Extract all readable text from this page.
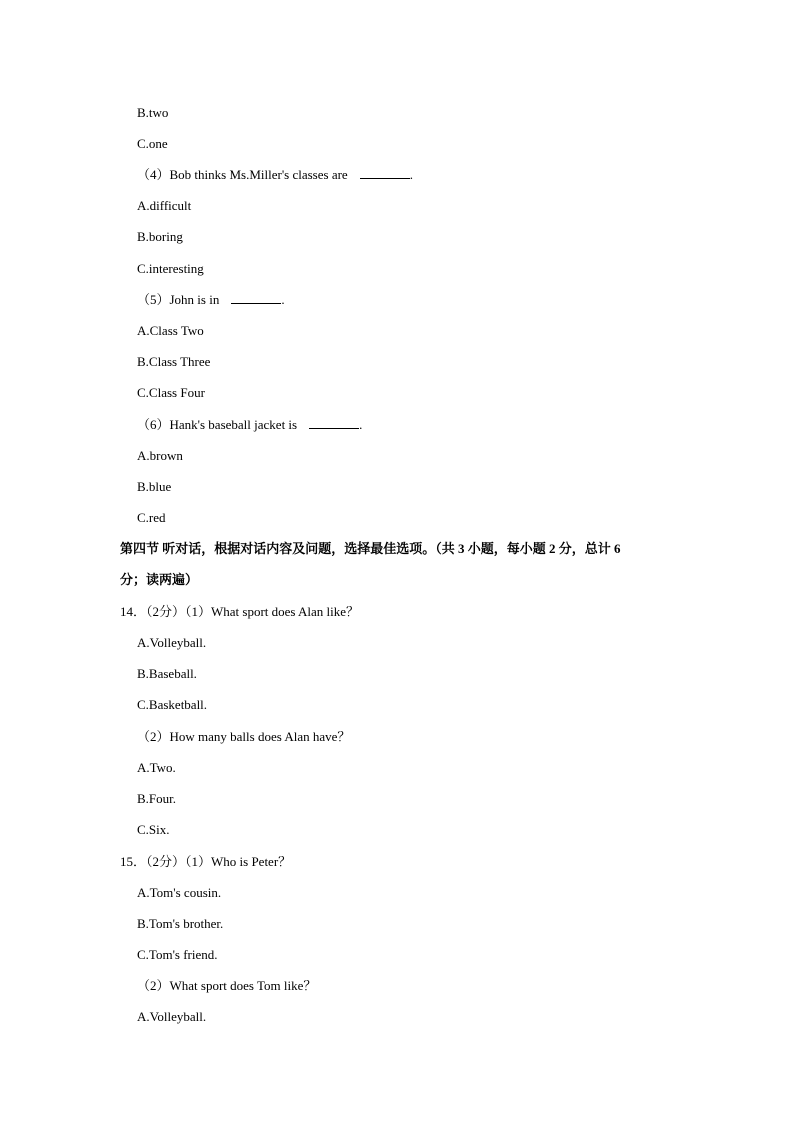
B.two
C.one
（4）Bob thinks Ms.Miller's classes are	.
A.difficult
B.boring
C.interesting
（5）John is in	.
A.Class Two
B.Class Three
C.Class Four
（6）Hank's baseball jacket is	.
A.brown
B.blue
C.red
第四节 听对话，根据对话内容及问题，选择最佳选项。（共 3 小题，每小题 2 分，总计 6
分；读两遍）
14．（2分）（1）What sport does Alan like？
A.Volleyball.
B.Baseball.
C.Basketball.
（2）How many balls does Alan have？
A.Two.
B.Four.
C.Six.
15．（2分）（1）Who is Peter？
A.Tom's cousin.
B.Tom's brother.
C.Tom's friend.
（2）What sport does Tom like？
A.Volleyball.
